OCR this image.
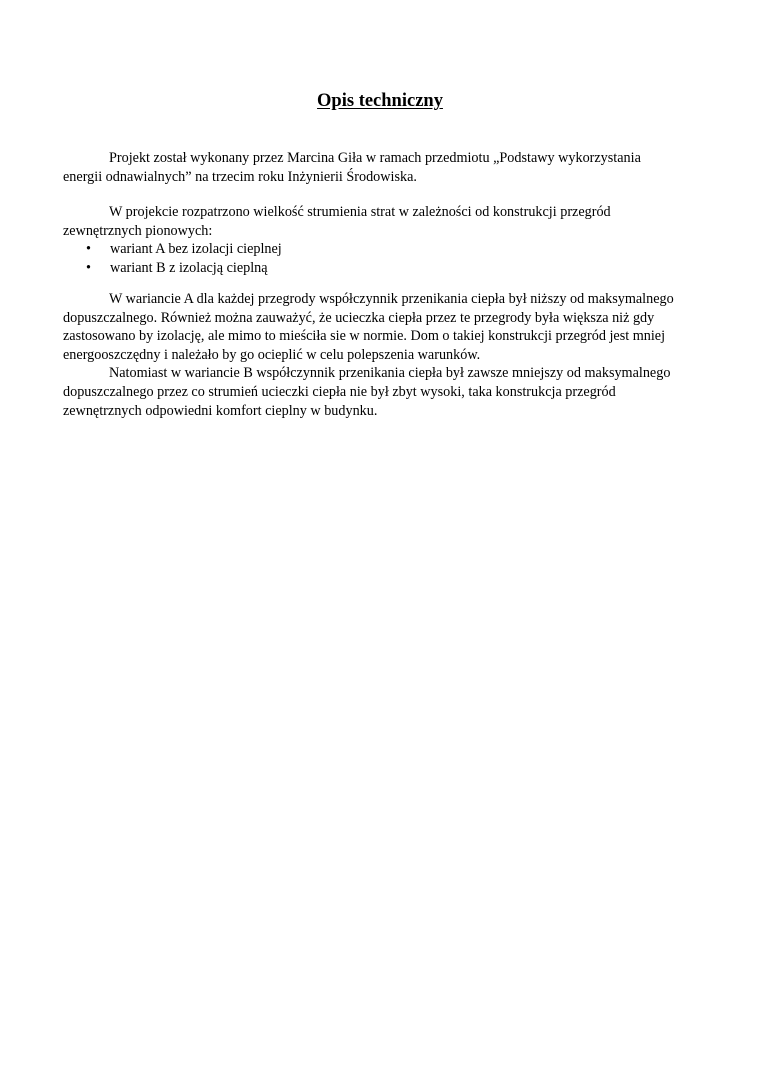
Opis techniczny

Projekt został wykonany przez Marcina Giła w ramach przedmiotu „Podstawy wykorzystania energii odnawialnych” na trzecim roku Inżynierii Środowiska.

W projekcie rozpatrzono wielkość strumienia strat w zależności od konstrukcji przegród zewnętrznych pionowych:

• wariant A bez izolacji cieplnej
• wariant B z izolacją cieplną

W wariancie A dla każdej przegrody współczynnik przenikania ciepła był niższy od maksymalnego dopuszczalnego. Również można zauważyć, że ucieczka ciepła przez te przegrody była większa niż gdy zastosowano by izolację, ale mimo to mieściła sie w normie. Dom o takiej konstrukcji przegród jest mniej energooszczędny i należało by go ocieplić w celu polepszenia warunków.

Natomiast w wariancie B współczynnik przenikania ciepła był zawsze mniejszy od maksymalnego dopuszczalnego przez co strumień ucieczki ciepła nie był zbyt wysoki, taka konstrukcja przegród zewnętrznych odpowiedni komfort cieplny w budynku.
